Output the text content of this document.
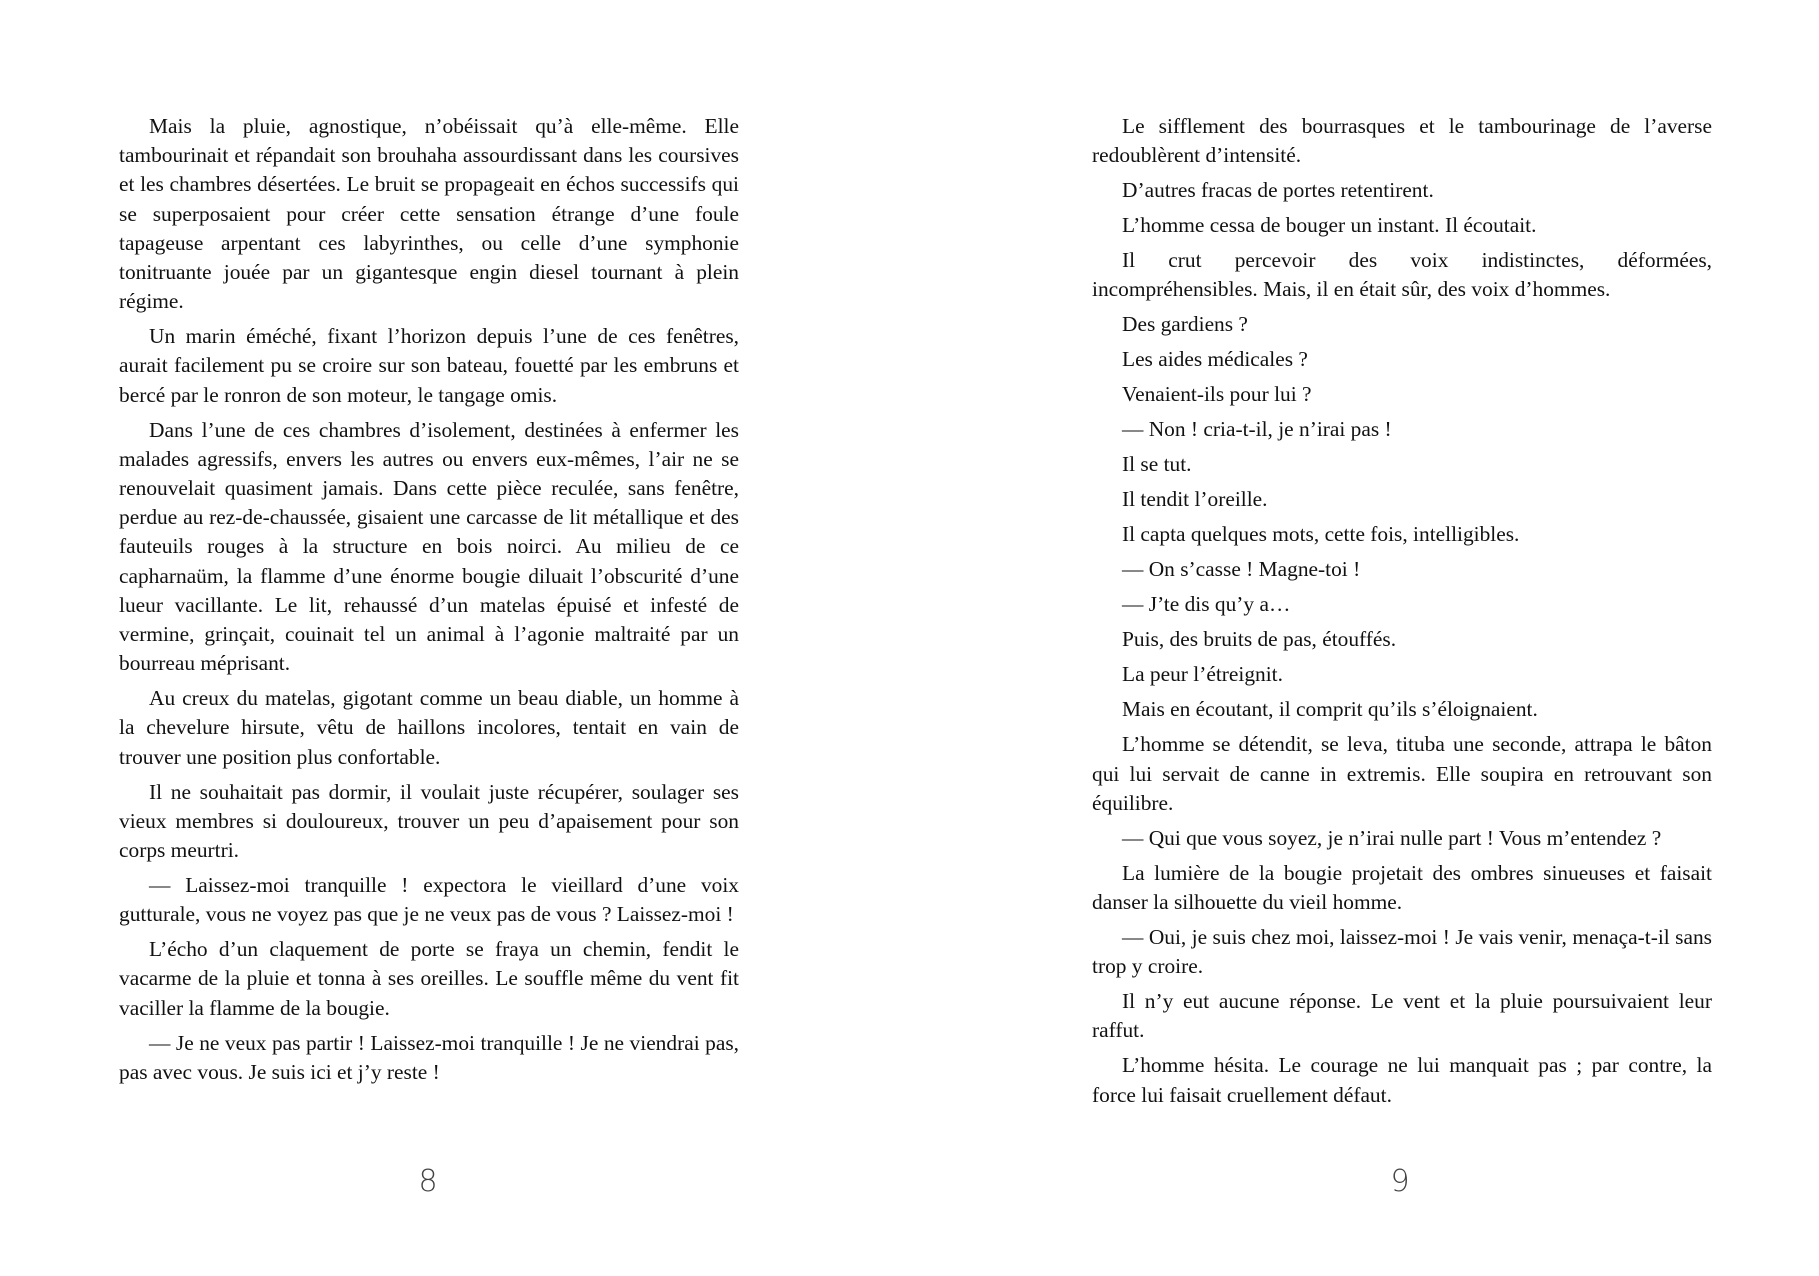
Mais la pluie, agnostique, n’obéissait qu’à elle-même. Elle tambourinait et répandait son brouhaha assourdissant dans les coursives et les chambres désertées. Le bruit se propageait en échos successifs qui se superposaient pour créer cette sensation étrange d’une foule tapageuse arpentant ces labyrinthes, ou celle d’une symphonie tonitruante jouée par un gigantesque engin diesel tournant à plein régime.

Un marin éméché, fixant l’horizon depuis l’une de ces fenêtres, aurait facilement pu se croire sur son bateau, fouetté par les embruns et bercé par le ronron de son moteur, le tangage omis.

Dans l’une de ces chambres d’isolement, destinées à enfermer les malades agressifs, envers les autres ou envers eux-mêmes, l’air ne se renouvelait quasiment jamais. Dans cette pièce reculée, sans fenêtre, perdue au rez-de-chaussée, gisaient une carcasse de lit métallique et des fauteuils rouges à la structure en bois noirci. Au milieu de ce capharnaüm, la flamme d’une énorme bougie diluait l’obscurité d’une lueur vacillante. Le lit, rehaussé d’un matelas épuisé et infesté de vermine, grinçait, couinait tel un animal à l’agonie maltraité par un bourreau méprisant.

Au creux du matelas, gigotant comme un beau diable, un homme à la chevelure hirsute, vêtu de haillons incolores, tentait en vain de trouver une position plus confortable.

Il ne souhaitait pas dormir, il voulait juste récupérer, soulager ses vieux membres si douloureux, trouver un peu d’apaisement pour son corps meurtri.

— Laissez-moi tranquille ! expectora le vieillard d’une voix gutturale, vous ne voyez pas que je ne veux pas de vous ? Laissez-moi !

L’écho d’un claquement de porte se fraya un chemin, fendit le vacarme de la pluie et tonna à ses oreilles. Le souffle même du vent fit vaciller la flamme de la bougie.

— Je ne veux pas partir ! Laissez-moi tranquille ! Je ne viendrai pas, pas avec vous. Je suis ici et j’y reste !

8

Le sifflement des bourrasques et le tambourinage de l’averse redoublèrent d’intensité.

D’autres fracas de portes retentirent.

L’homme cessa de bouger un instant. Il écoutait.

Il crut percevoir des voix indistinctes, déformées, incompréhensibles. Mais, il en était sûr, des voix d’hommes.

Des gardiens ?

Les aides médicales ?

Venaient-ils pour lui ?

— Non ! cria-t-il, je n’irai pas !

Il se tut.

Il tendit l’oreille.

Il capta quelques mots, cette fois, intelligibles.

— On s’casse ! Magne-toi !

— J’te dis qu’y a…

Puis, des bruits de pas, étouffés.

La peur l’étreignit.

Mais en écoutant, il comprit qu’ils s’éloignaient.

L’homme se détendit, se leva, tituba une seconde, attrapa le bâton qui lui servait de canne in extremis. Elle soupira en retrouvant son équilibre.

— Qui que vous soyez, je n’irai nulle part ! Vous m’entendez ?

La lumière de la bougie projetait des ombres sinueuses et faisait danser la silhouette du vieil homme.

— Oui, je suis chez moi, laissez-moi ! Je vais venir, menaça-t-il sans trop y croire.

Il n’y eut aucune réponse. Le vent et la pluie poursuivaient leur raffut.

L’homme hésita. Le courage ne lui manquait pas ; par contre, la force lui faisait cruellement défaut.

9
